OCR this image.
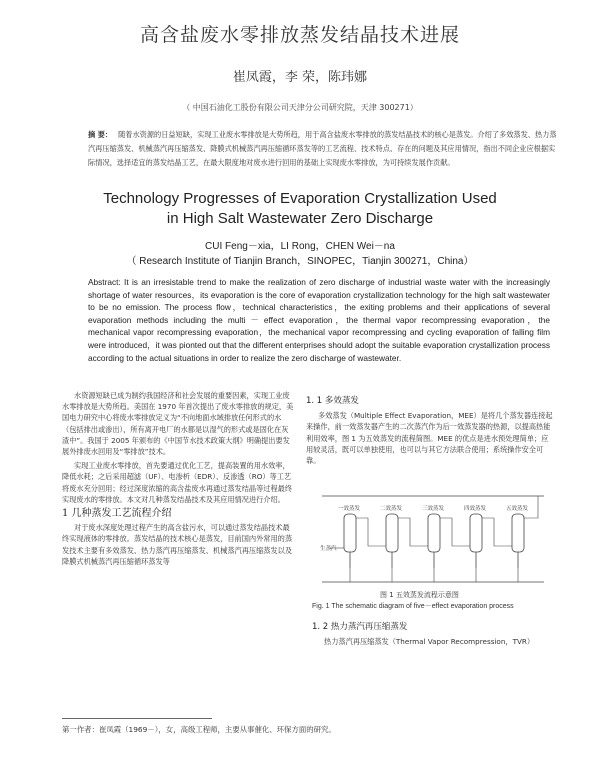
高含盐废水零排放蒸发结晶技术进展
崔凤霞，李 荣，陈玮娜
（ 中国石油化工股份有限公司天津分公司研究院，天津 300271）
摘 要： 随着水资源的日益短缺，实现工业废水零排放是大势所趋，用于高含盐废水零排放的蒸发结晶技术的核心是蒸发。介绍了多效蒸发、热力蒸汽再压缩蒸发、机械蒸汽再压缩蒸发、降膜式机械蒸汽再压缩循环蒸发等的工艺流程、技术特点、存在的问题及其应用情况，指出不同企业应根据实际情况，选择适宜的蒸发结晶工艺，在最大限度地对废水进行回用的基础上实现废水零排放，为可持续发展作贡献。
Technology Progresses of Evaporation Crystallization Used
in High Salt Wastewater Zero Discharge
CUI Feng－xia，LI Rong，CHEN Wei－na
（ Research Institute of Tianjin Branch，SINOPEC，Tianjin 300271，China）
Abstract: It is an irresistable trend to make the realization of zero discharge of industrial waste water with the increasingly shortage of water resources，its evaporation is the core of evaporation crystallization technology for the high salt wastewater to be no emission. The process flow，technical characteristics，the exiting problems and their applications of several evaporation methods including the multi － effect evaporation，the thermal vapor recompressing evaporation，the mechanical vapor recompressing evaporation，the mechanical vapor recompressing and cycling evaporation of falling film were introduced，it was pionted out that the different enterprises should adopt the suitable evaporation crystallization process according to the actual situations in order to realize the zero discharge of wastewater.

水资源短缺已成为制约我国经济和社会发展的重要因素，实现工业废水零排放是大势所趋。美国在 1970 年首次提出了废水零排放的规定，美国电力研究中心将废水零排放定义为“不向地面水域排放任何形式的水（包括排出或渗出），所有离开电厂的水都是以湿气的形式或是固化在灰渣中”。我国于 2005 年颁布的《中国节水技术政策大纲》明确提出要发展外排废水回用及“零排放”技术。

实现工业废水零排放，首先要通过优化工艺，提高装置的用水效率，降低水耗；之后采用超滤（UF）、电渗析（EDR）、反渗透（RO）等工艺将废水充分回用；经过深度浓缩的高含盐废水再通过蒸发结晶等过程最终实现废水的零排放。本文对几种蒸发结晶技术及其应用情况进行介绍。

1 几种蒸发工艺流程介绍

对于废水深度处理过程产生的高含盐污水，可以通过蒸发结晶技术最终实现液体的零排放。蒸发结晶的技术核心是蒸发，目前国内外常用的蒸发技术主要有多效蒸发、热力蒸汽再压缩蒸发、机械蒸汽再压缩蒸发以及降膜式机械蒸汽再压缩循环蒸发等

1. 1 多效蒸发

多效蒸发（Multiple Effect Evaporation，MEE）是将几个蒸发器连接起来操作，前一效蒸发器产生的二次蒸汽作为后一效蒸发器的热源，以提高热能利用效率，图 1 为五效蒸发的流程简图。MEE 的优点是进水预处理简单；应用较灵活，既可以单独使用，也可以与其它方法联合使用；系统操作安全可靠。

生蒸汽
一效蒸发	二效蒸发	三效蒸发	四效蒸发	五效蒸发
图 1 五效蒸发流程示意图
Fig. 1 The schematic diagram of five－effect evaporation process

1. 2 热力蒸汽再压缩蒸发

热力蒸汽再压缩蒸发（Thermal Vapor Recompression，TVR）

第一作者：崔凤霞（1969－），女，高级工程师，主要从事催化、环保方面的研究。
